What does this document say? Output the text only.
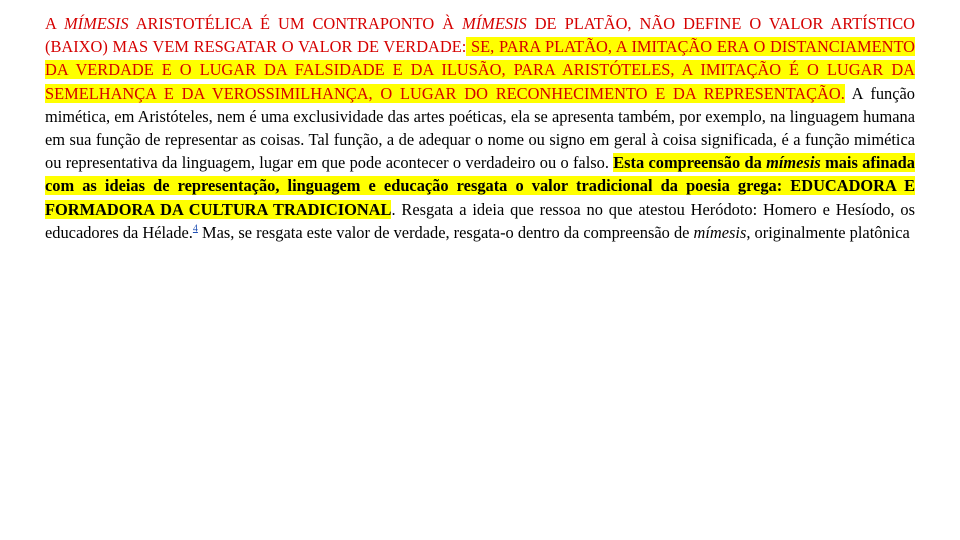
A MÍMESIS ARISTOTÉLICA É UM CONTRAPONTO À MÍMESIS DE PLATÃO, NÃO DEFINE O VALOR ARTÍSTICO (BAIXO) MAS VEM RESGATAR O VALOR DE VERDADE: SE, PARA PLATÃO, A IMITAÇÃO ERA O DISTANCIAMENTO DA VERDADE E O LUGAR DA FALSIDADE E DA ILUSÃO, PARA ARISTÓTELES, A IMITAÇÃO É O LUGAR DA SEMELHANÇA E DA VEROSSIMILHANÇA, O LUGAR DO RECONHECIMENTO E DA REPRESENTAÇÃO. A função mimética, em Aristóteles, nem é uma exclusividade das artes poéticas, ela se apresenta também, por exemplo, na linguagem humana em sua função de representar as coisas. Tal função, a de adequar o nome ou signo em geral à coisa significada, é a função mimética ou representativa da linguagem, lugar em que pode acontecer o verdadeiro ou o falso. Esta compreensão da mímesis mais afinada com as ideias de representação, linguagem e educação resgata o valor tradicional da poesia grega: EDUCADORA E FORMADORA DA CULTURA TRADICIONAL. Resgata a ideia que ressoa no que atestou Heródoto: Homero e Hesíodo, os educadores da Hélade.$^4$ Mas, se resgata este valor de verdade, resgata-o dentro da compreensão de mímesis, originalmente platônica
